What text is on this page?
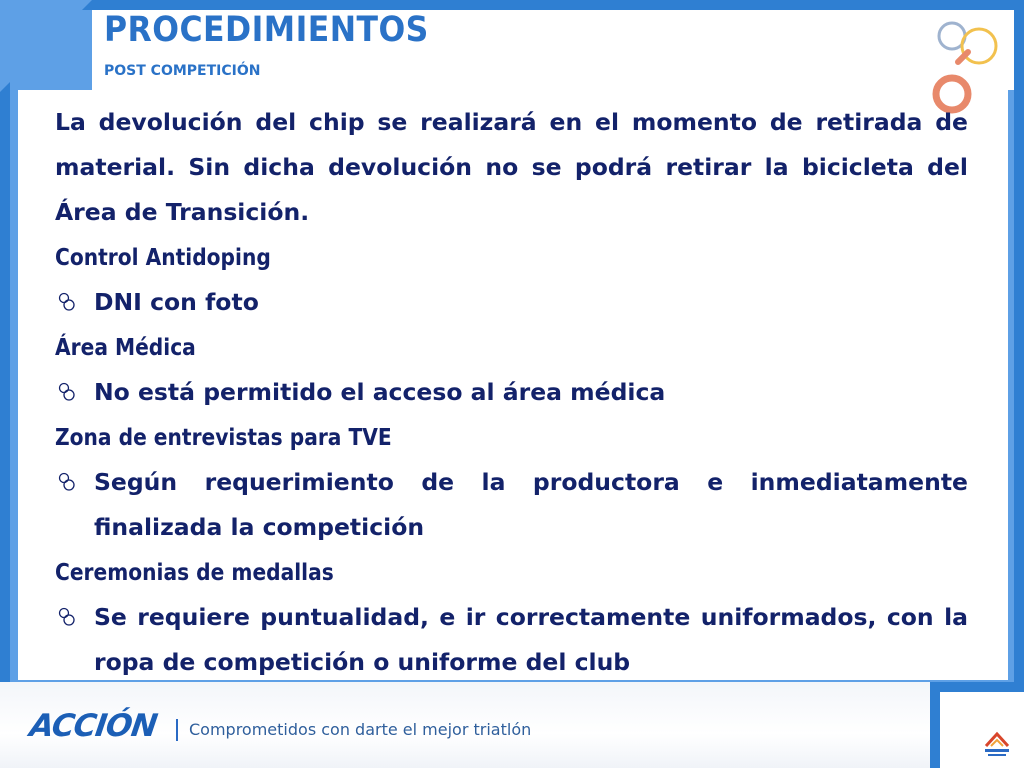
PROCEDIMIENTOS
POST COMPETICIÓN

La devolución del chip se realizará en el momento de retirada de material. Sin dicha devolución no se podrá retirar la bicicleta del Área de Transición.

Control Antidoping

DNI con foto

Área Médica

No está permitido el acceso al área médica

Zona de entrevistas para TVE

Según requerimiento de la productora e inmediatamente finalizada la competición

Ceremonias de medallas

Se requiere puntualidad, e ir correctamente uniformados, con la ropa de competición o uniforme del club
ACCIÓN Comprometidos con darte el mejor triatlón
